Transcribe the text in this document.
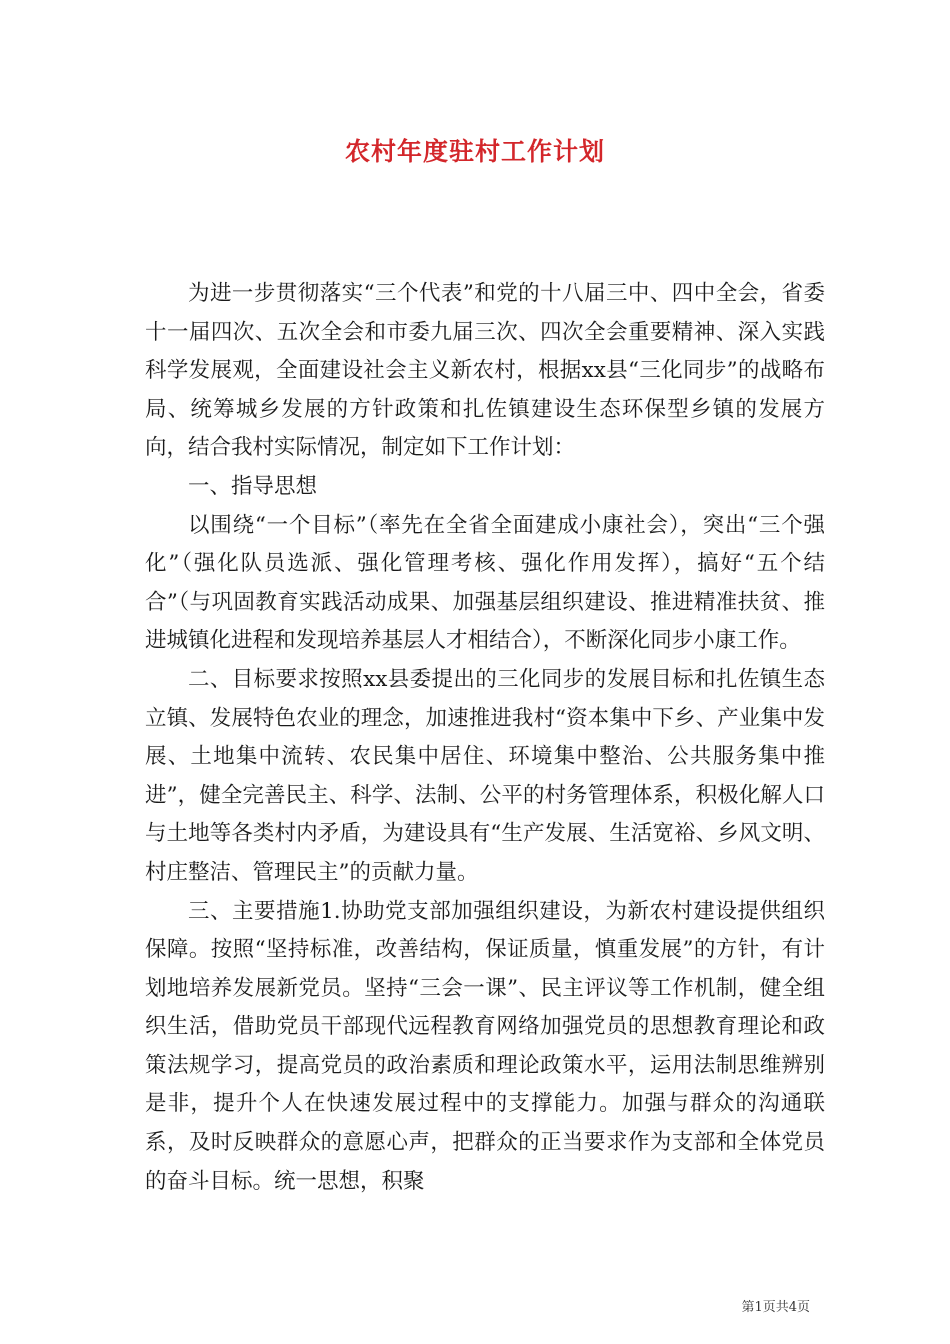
农村年度驻村工作计划

为进一步贯彻落实“三个代表”和党的十八届三中、四中全会，省委十一届四次、五次全会和市委九届三次、四次全会重要精神、深入实践科学发展观，全面建设社会主义新农村，根据xx县“三化同步”的战略布局、统筹城乡发展的方针政策和扎佐镇建设生态环保型乡镇的发展方向，结合我村实际情况，制定如下工作计划：

一、指导思想

以围绕“一个目标”（率先在全省全面建成小康社会），突出“三个强化”（强化队员选派、强化管理考核、强化作用发挥），搞好“五个结合”（与巩固教育实践活动成果、加强基层组织建设、推进精准扶贫、推进城镇化进程和发现培养基层人才相结合），不断深化同步小康工作。

二、目标要求按照xx县委提出的三化同步的发展目标和扎佐镇生态立镇、发展特色农业的理念，加速推进我村“资本集中下乡、产业集中发展、土地集中流转、农民集中居住、环境集中整治、公共服务集中推进”，健全完善民主、科学、法制、公平的村务管理体系，积极化解人口与土地等各类村内矛盾，为建设具有“生产发展、生活宽裕、乡风文明、村庄整洁、管理民主”的贡献力量。

三、主要措施1.协助党支部加强组织建设，为新农村建设提供组织保障。按照“坚持标准，改善结构，保证质量，慎重发展”的方针，有计划地培养发展新党员。坚持“三会一课”、民主评议等工作机制，健全组织生活，借助党员干部现代远程教育网络加强党员的思想教育理论和政策法规学习，提高党员的政治素质和理论政策水平，运用法制思维辨别是非，提升个人在快速发展过程中的支撑能力。加强与群众的沟通联系，及时反映群众的意愿心声，把群众的正当要求作为支部和全体党员的奋斗目标。统一思想，积聚

第1页共4页
